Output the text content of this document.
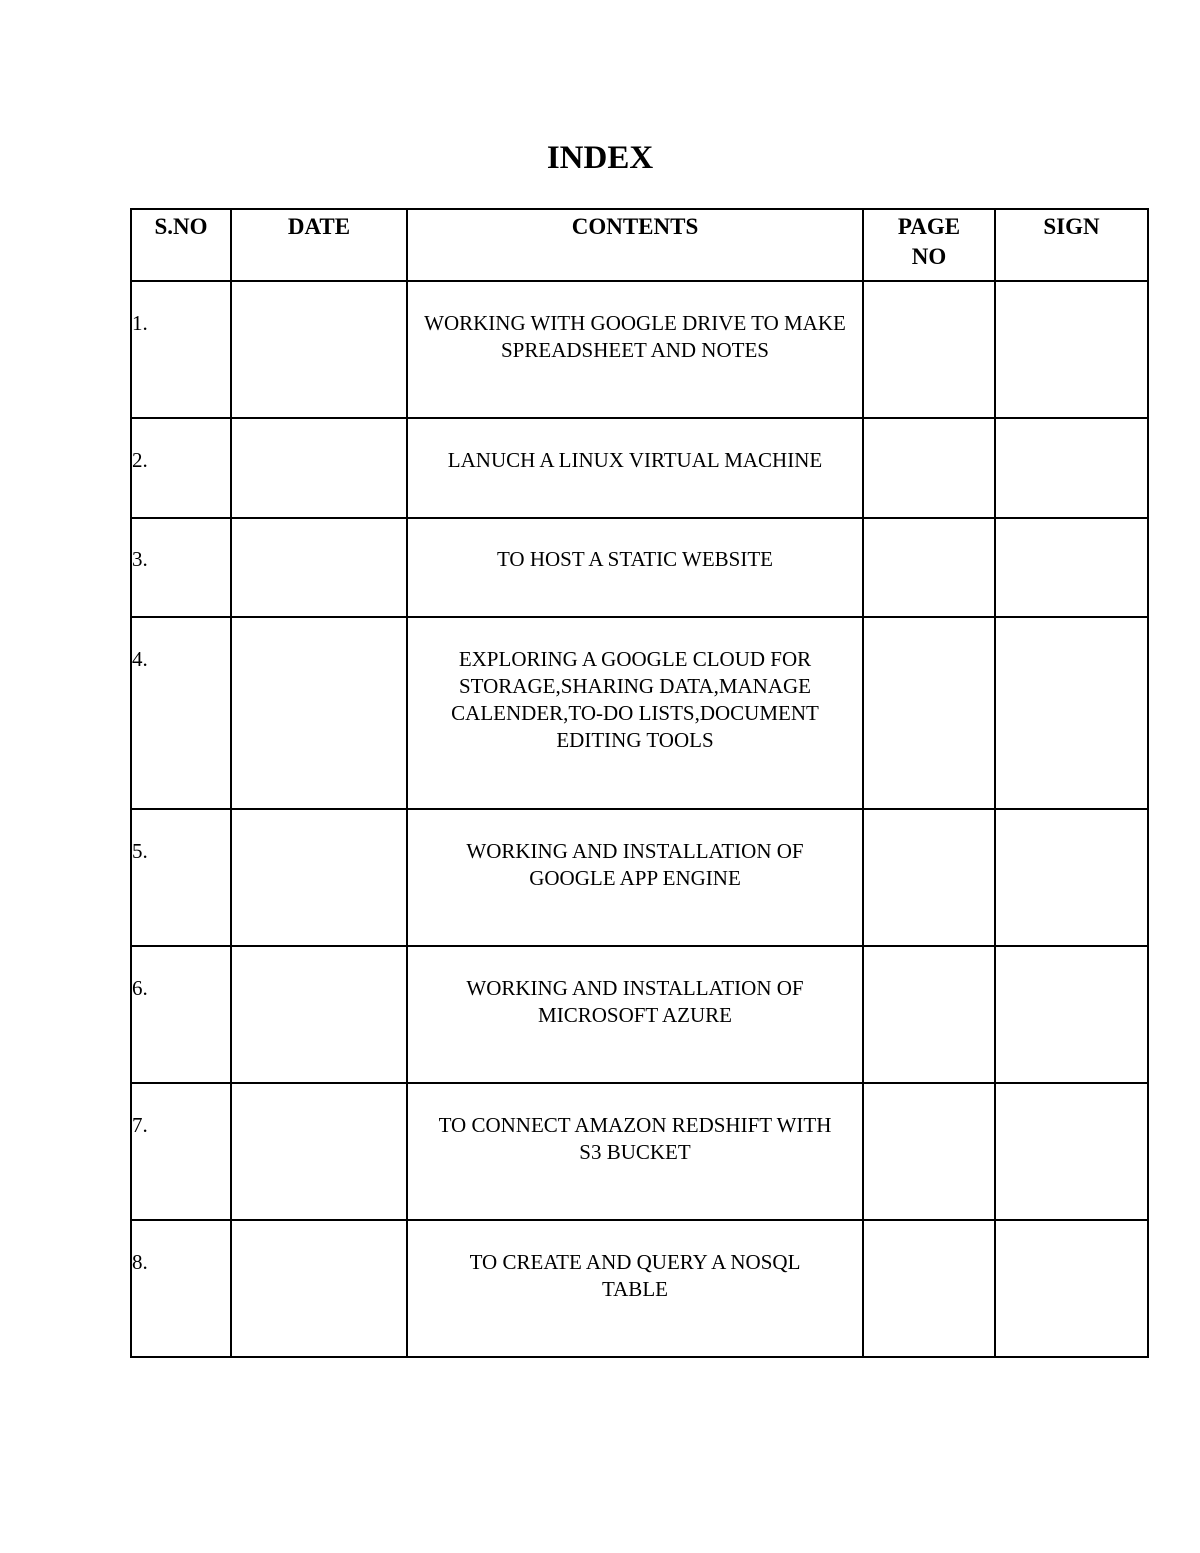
INDEX
S.NO	DATE	CONTENTS	PAGE NO	SIGN
1.		WORKING WITH GOOGLE DRIVE TO MAKE SPREADSHEET AND NOTES		
2.		LANUCH A LINUX VIRTUAL MACHINE		
3.		TO HOST A STATIC WEBSITE		
4.		EXPLORING A GOOGLE CLOUD FOR STORAGE,SHARING DATA,MANAGE CALENDER,TO-DO LISTS,DOCUMENT EDITING TOOLS		
5.		WORKING AND INSTALLATION OF GOOGLE APP ENGINE		
6.		WORKING AND INSTALLATION OF MICROSOFT AZURE		
7.		TO CONNECT AMAZON REDSHIFT WITH S3 BUCKET		
8.		TO CREATE AND QUERY A NOSQL TABLE		
